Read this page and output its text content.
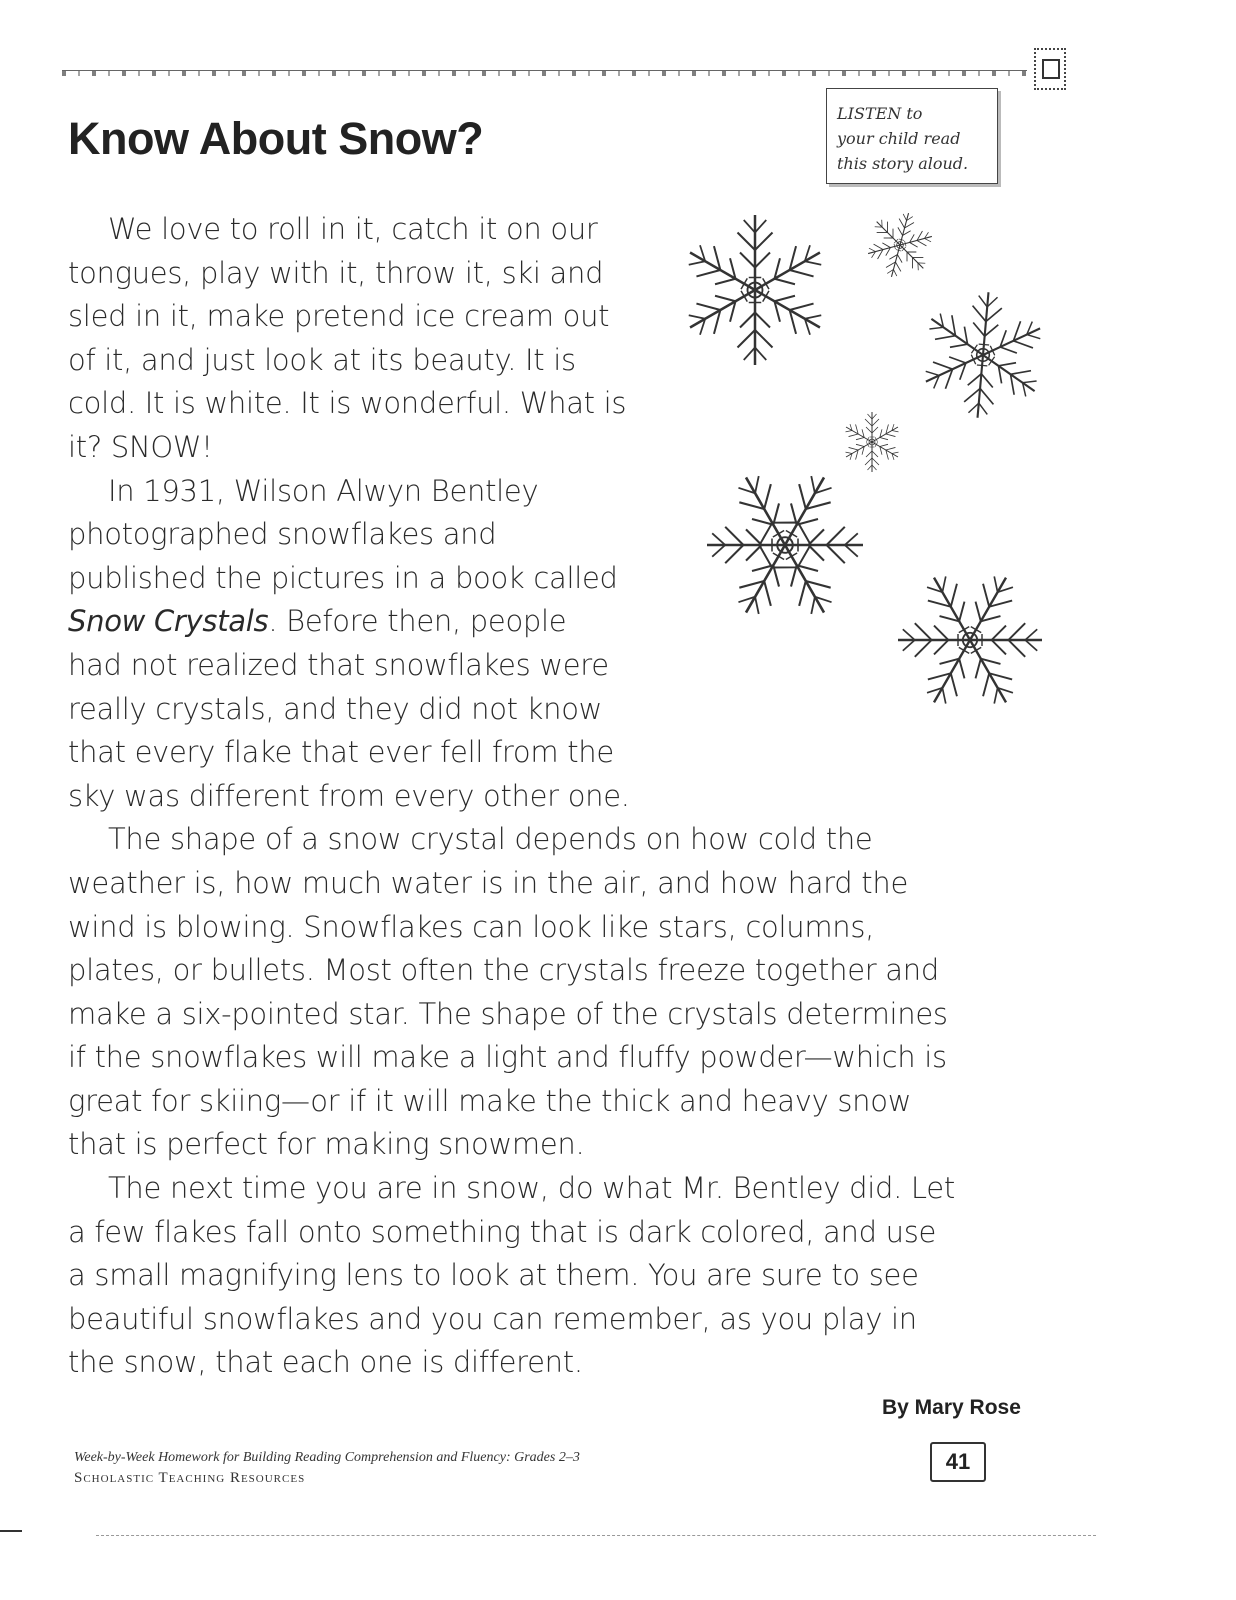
Know About Snow?	LISTEN to
your child read
this story aloud.
We love to roll in it, catch it on our
tongues, play with it, throw it, ski and
sled in it, make pretend ice cream out
of it, and just look at its beauty. It is
cold. It is white. It is wonderful. What is
it? SNOW!
In 1931, Wilson Alwyn Bentley
photographed snowflakes and
published the pictures in a book called
Snow Crystals. Before then, people
had not realized that snowflakes were
really crystals, and they did not know
that every flake that ever fell from the
sky was different from every other one.
The shape of a snow crystal depends on how cold the
weather is, how much water is in the air, and how hard the
wind is blowing. Snowflakes can look like stars, columns,
plates, or bullets. Most often the crystals freeze together and
make a six-pointed star. The shape of the crystals determines
if the snowflakes will make a light and fluffy powder—which is
great for skiing—or if it will make the thick and heavy snow
that is perfect for making snowmen.
The next time you are in snow, do what Mr. Bentley did. Let
a few flakes fall onto something that is dark colored, and use
a small magnifying lens to look at them. You are sure to see
beautiful snowflakes and you can remember, as you play in
the snow, that each one is different.
By Mary Rose
Week-by-Week Homework for Building Reading Comprehension and Fluency: Grades 2–3
Scholastic Teaching Resources
41
